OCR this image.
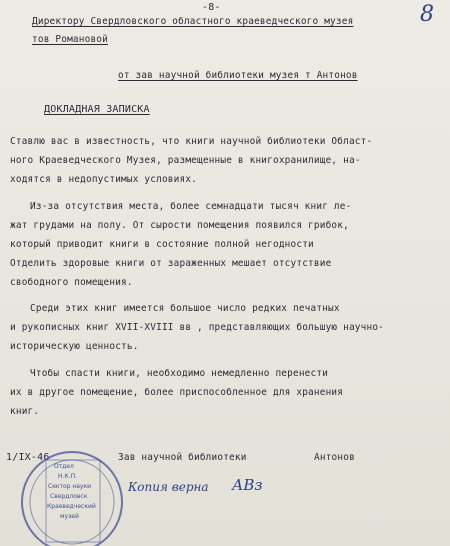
-8-	8
Директору Свердловского областного краеведческого музея
тов Романовой
от зав научной библиотеки музея т Антонов
ДОКЛАДНАЯ ЗАПИСКА
Ставлю вас в известность, что книги научной библиотеки Област-
ного Краеведческого Музея, размещенные в книгохранилище, на-
ходятся в недопустимых условиях.
Из-за отсутствия места, более семнадцати тысяч книг ле-
жат грудами на полу. От сырости помещения появился грибок,
который приводит книги в состояние полной негодности
Отделить здоровые книги от зараженных мешает отсутствие
свободного помещения.
Среди этих книг имеется большое число редких печатных
и рукописных книг XVII-XVIII вв , представляющих большую научно-
историческую ценность.
Чтобы спасти книги, необходимо немедленно перенести
их в другое помещение, более приспособленное для хранения
книг.
1/IX-46	Зав научной библиотеки	Антонов
Копия верна АВз
Отдел
Н.К.П.
Сектор науки
Свердловск
Краеведческий
музей
